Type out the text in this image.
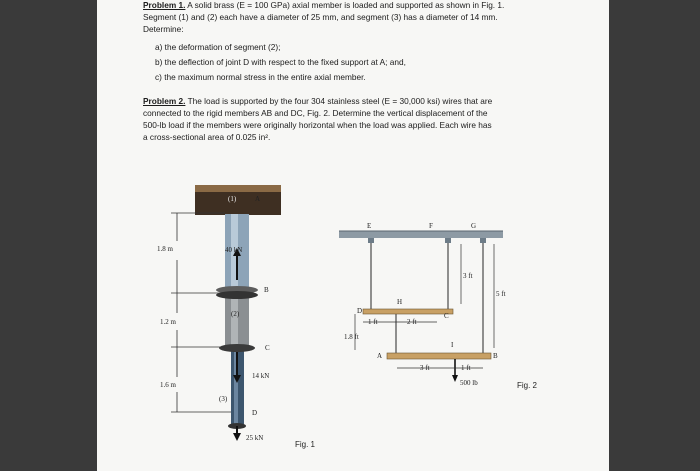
Problem 1. A solid brass (E = 100 GPa) axial member is loaded and supported as shown in Fig. 1.
Segment (1) and (2) each have a diameter of 25 mm, and segment (3) has a diameter of 14 mm.
Determine:
a) the deformation of segment (2);
b) the deflection of joint D with respect to the fixed support at A; and,
c) the maximum normal stress in the entire axial member.
Problem 2. The load is supported by the four 304 stainless steel (E = 30,000 ksi) wires that are
connected to the rigid members AB and DC, Fig. 2. Determine the vertical displacement of the
500-lb load if the members were originally horizontal when the load was applied. Each wire has
a cross-sectional area of 0.025 in².
(1)	A
1.8 m	40 kN
B
(2)
1.2 m
C
14 kN
1.6 m
(3)
D
25 kN
Fig. 1
E	F	G
3 ft
5 ft
H
D
C
1 ft	2 ft
1.8 ft
I
A	B
3 ft	1 ft
500 lb	Fig. 2
